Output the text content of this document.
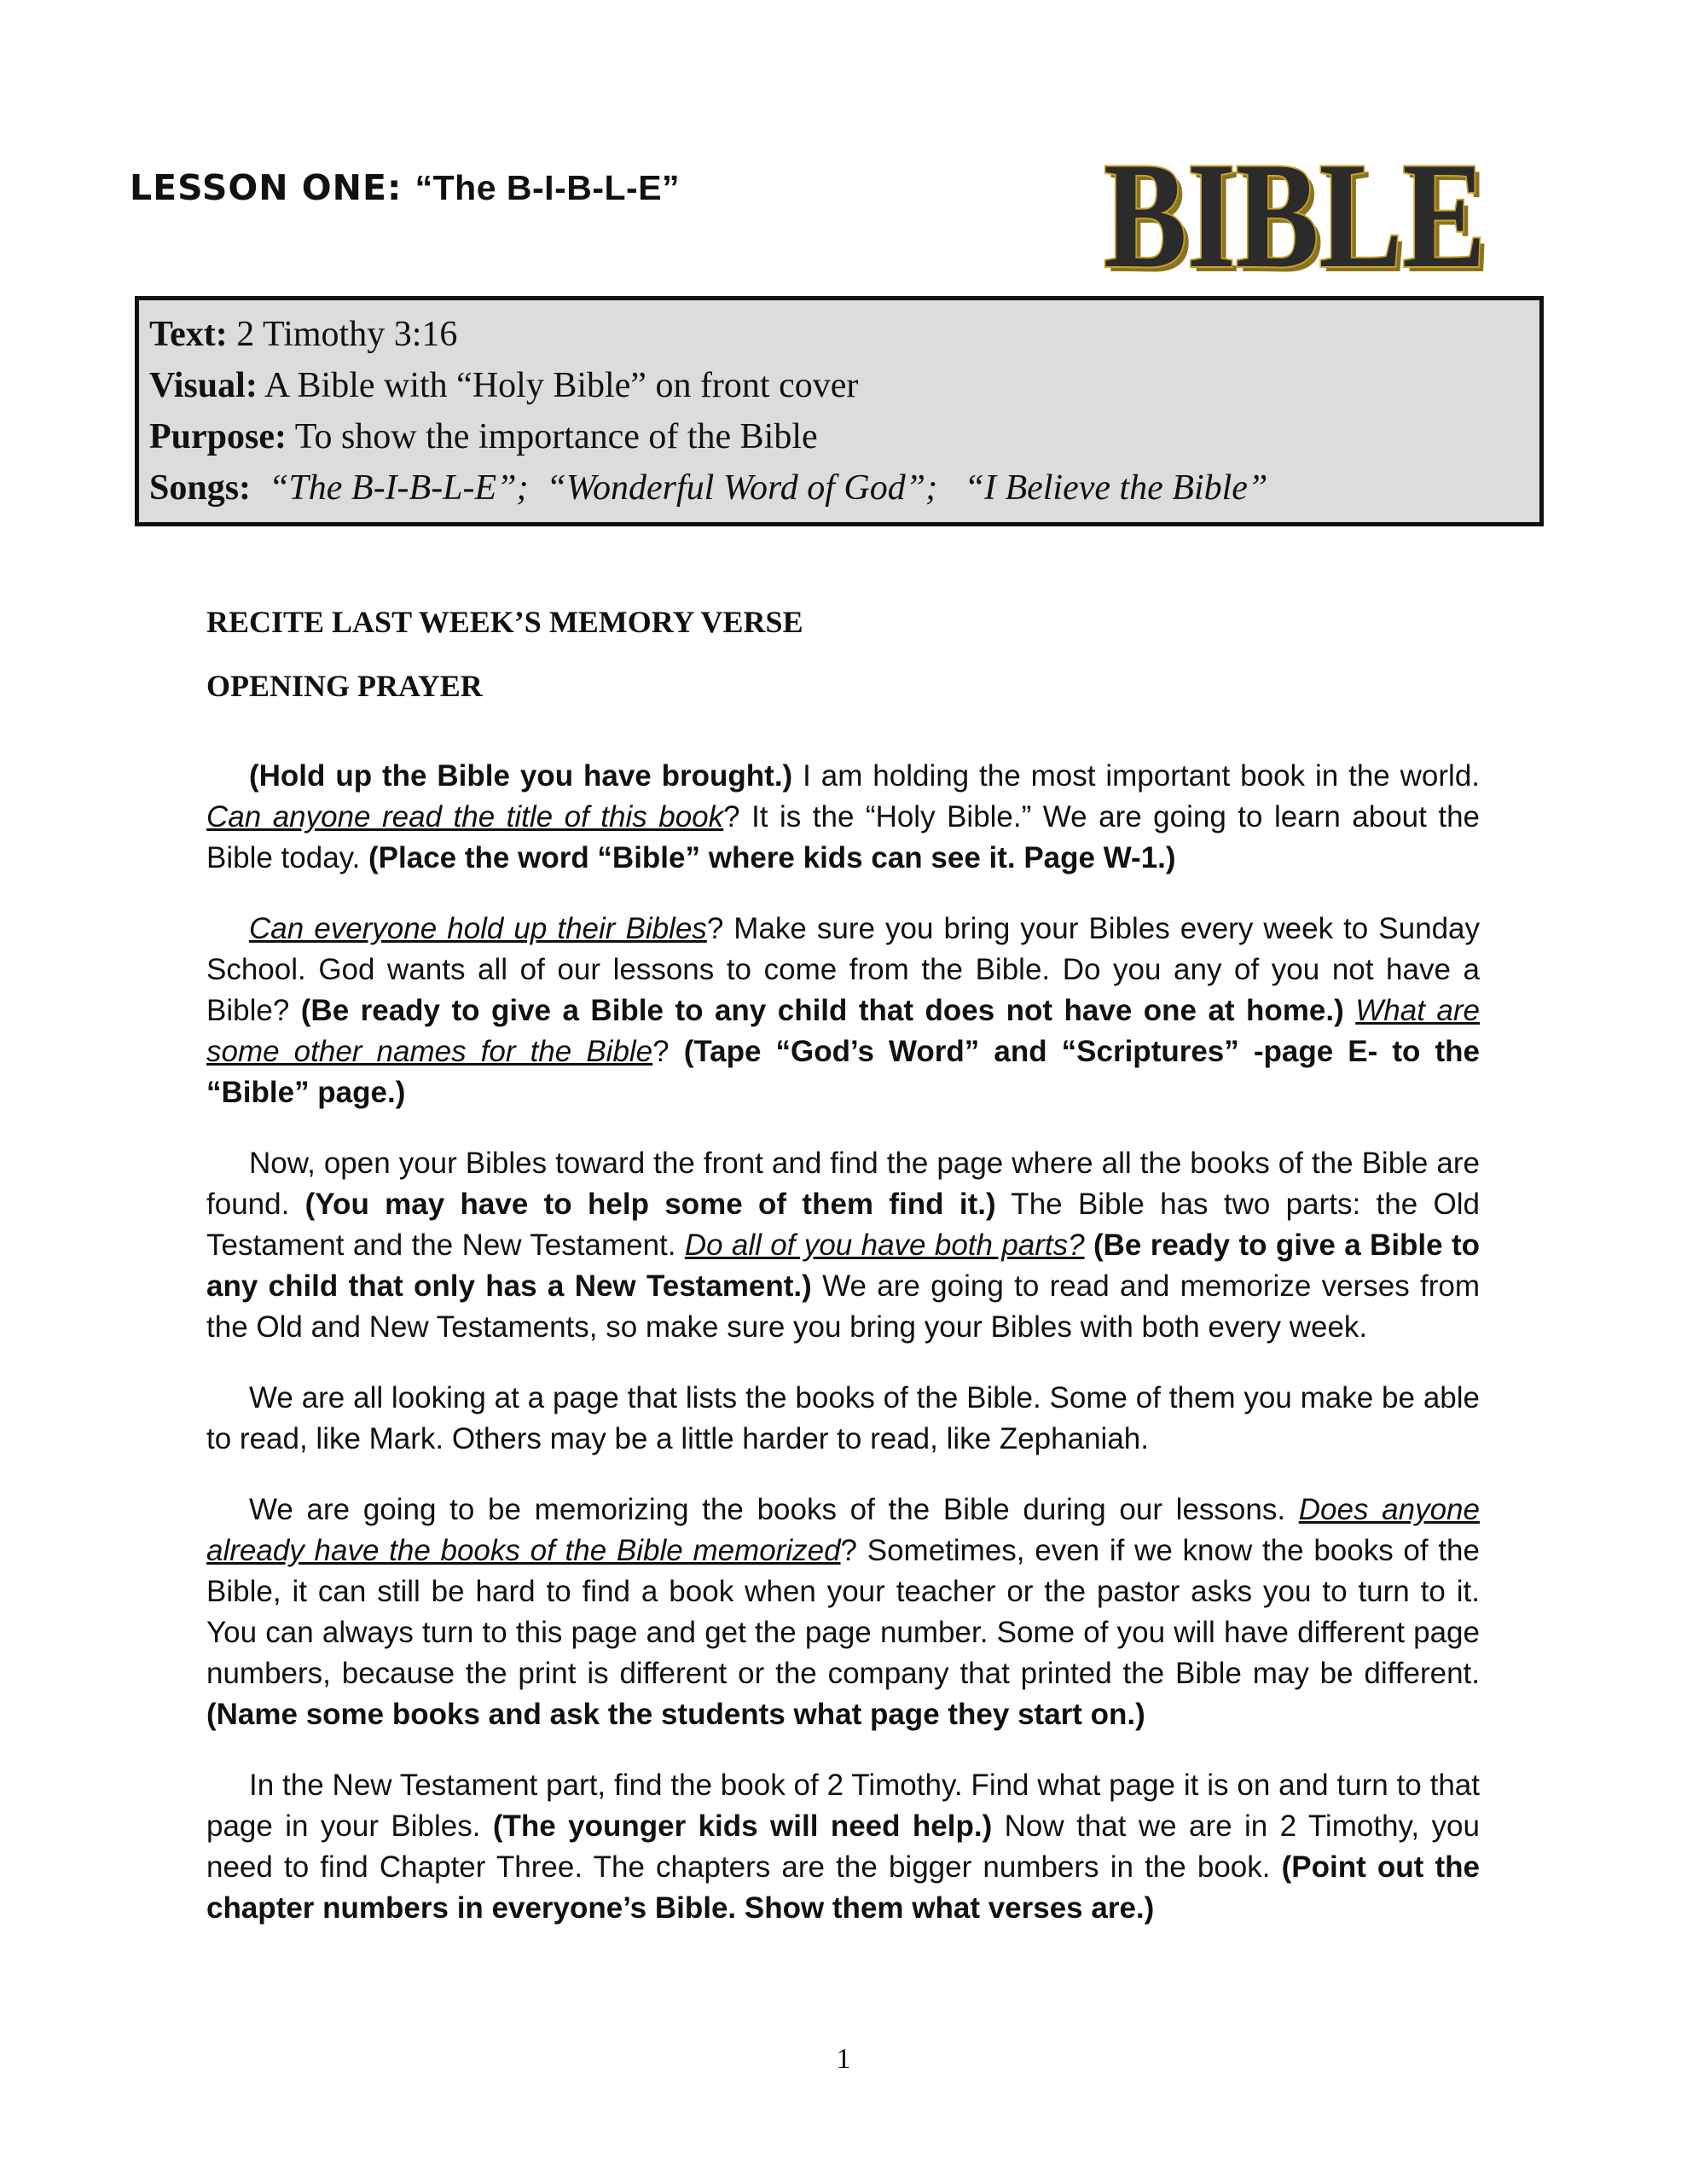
LESSON ONE: “The B-I-B-L-E”	BIBLE
BIBLE
Text: 2 Timothy 3:16
Visual: A Bible with “Holy Bible” on front cover
Purpose: To show the importance of the Bible
Songs:  “The B-I-B-L-E”;  “Wonderful Word of God”;   “I Believe the Bible”
RECITE LAST WEEK’S MEMORY VERSE
OPENING PRAYER

(Hold up the Bible you have brought.) I am holding the most important book in the world. Can anyone read the title of this book? It is the “Holy Bible.” We are going to learn about the Bible today. (Place the word “Bible” where kids can see it. Page W-1.)

Can everyone hold up their Bibles? Make sure you bring your Bibles every week to Sunday School. God wants all of our lessons to come from the Bible. Do you any of you not have a Bible? (Be ready to give a Bible to any child that does not have one at home.) What are some other names for the Bible? (Tape “God’s Word” and “Scriptures” -page E- to the “Bible” page.)

Now, open your Bibles toward the front and find the page where all the books of the Bible are found. (You may have to help some of them find it.) The Bible has two parts: the Old Testament and the New Testament. Do all of you have both parts? (Be ready to give a Bible to any child that only has a New Testament.) We are going to read and memorize verses from the Old and New Testaments, so make sure you bring your Bibles with both every week.

We are all looking at a page that lists the books of the Bible. Some of them you make be able to read, like Mark. Others may be a little harder to read, like Zephaniah.

We are going to be memorizing the books of the Bible during our lessons. Does anyone already have the books of the Bible memorized? Sometimes, even if we know the books of the Bible, it can still be hard to find a book when your teacher or the pastor asks you to turn to it. You can always turn to this page and get the page number. Some of you will have different page numbers, because the print is different or the company that printed the Bible may be different. (Name some books and ask the students what page they start on.)

In the New Testament part, find the book of 2 Timothy. Find what page it is on and turn to that page in your Bibles. (The younger kids will need help.) Now that we are in 2 Timothy, you need to find Chapter Three. The chapters are the bigger numbers in the book. (Point out the chapter numbers in everyone’s Bible. Show them what verses are.)

1
